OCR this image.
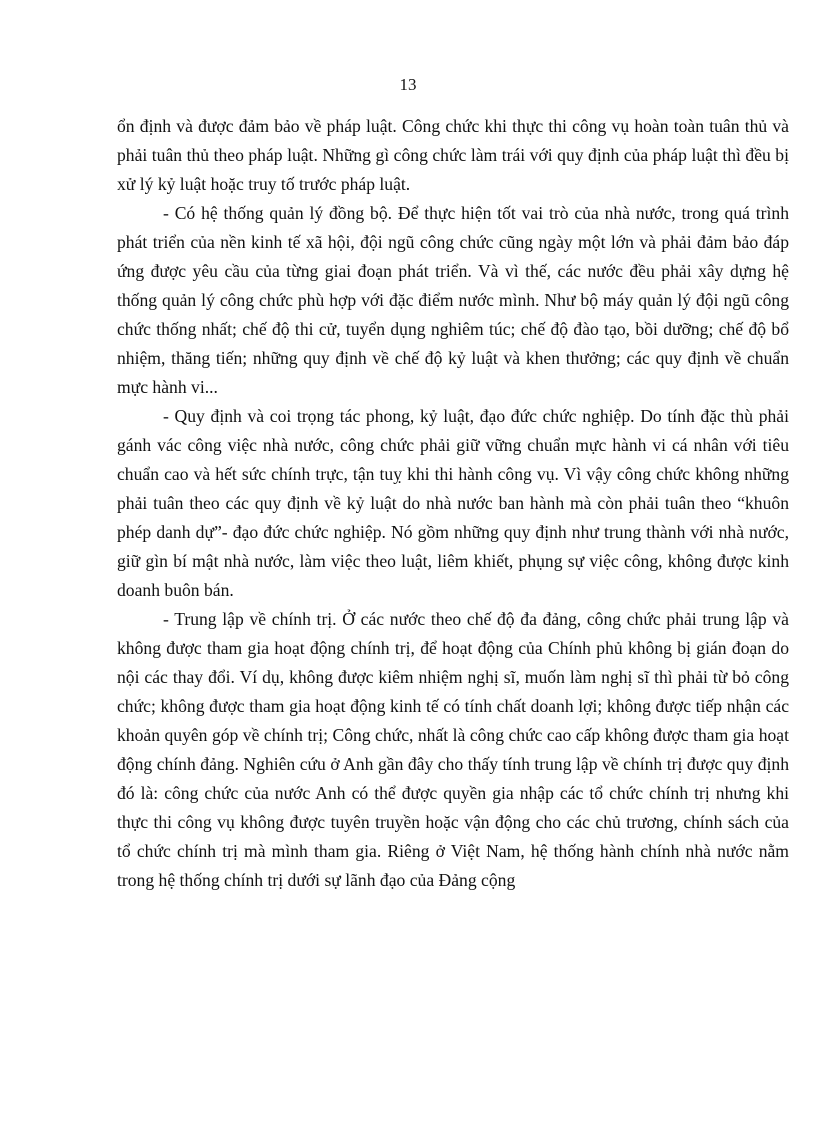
13

ổn định và được đảm bảo về pháp luật. Công chức khi thực thi công vụ hoàn toàn tuân thủ và phải tuân thủ theo pháp luật. Những gì công chức làm trái với quy định của pháp luật thì đều bị xử lý kỷ luật hoặc truy tố trước pháp luật.

- Có hệ thống quản lý đồng bộ. Để thực hiện tốt vai trò của nhà nước, trong quá trình phát triển của nền kinh tế xã hội, đội ngũ công chức cũng ngày một lớn và phải đảm bảo đáp ứng được yêu cầu của từng giai đoạn phát triển. Và vì thế, các nước đều phải xây dựng hệ thống quản lý công chức phù hợp với đặc điểm nước mình. Như bộ máy quản lý đội ngũ công chức thống nhất; chế độ thi cử, tuyển dụng nghiêm túc; chế độ đào tạo, bồi dưỡng; chế độ bổ nhiệm, thăng tiến; những quy định về chế độ kỷ luật và khen thưởng; các quy định về chuẩn mực hành vi...

- Quy định và coi trọng tác phong, kỷ luật, đạo đức chức nghiệp. Do tính đặc thù phải gánh vác công việc nhà nước, công chức phải giữ vững chuẩn mực hành vi cá nhân với tiêu chuẩn cao và hết sức chính trực, tận tuỵ khi thi hành công vụ. Vì vậy công chức không những phải tuân theo các quy định về kỷ luật do nhà nước ban hành mà còn phải tuân theo “khuôn phép danh dự”- đạo đức chức nghiệp. Nó gồm những quy định như trung thành với nhà nước, giữ gìn bí mật nhà nước, làm việc theo luật, liêm khiết, phụng sự việc công, không được kinh doanh buôn bán.

- Trung lập về chính trị. Ở các nước theo chế độ đa đảng, công chức phải trung lập và không được tham gia hoạt động chính trị, để hoạt động của Chính phủ không bị gián đoạn do nội các thay đổi. Ví dụ, không được kiêm nhiệm nghị sĩ, muốn làm nghị sĩ thì phải từ bỏ công chức; không được tham gia hoạt động kinh tế có tính chất doanh lợi; không được tiếp nhận các khoản quyên góp về chính trị; Công chức, nhất là công chức cao cấp không được tham gia hoạt động chính đảng. Nghiên cứu ở Anh gần đây cho thấy tính trung lập về chính trị được quy định đó là: công chức của nước Anh có thể được quyền gia nhập các tổ chức chính trị nhưng khi thực thi công vụ không được tuyên truyền hoặc vận động cho các chủ trương, chính sách của tổ chức chính trị mà mình tham gia. Riêng ở Việt Nam, hệ thống hành chính nhà nước nằm trong hệ thống chính trị dưới sự lãnh đạo của Đảng cộng
